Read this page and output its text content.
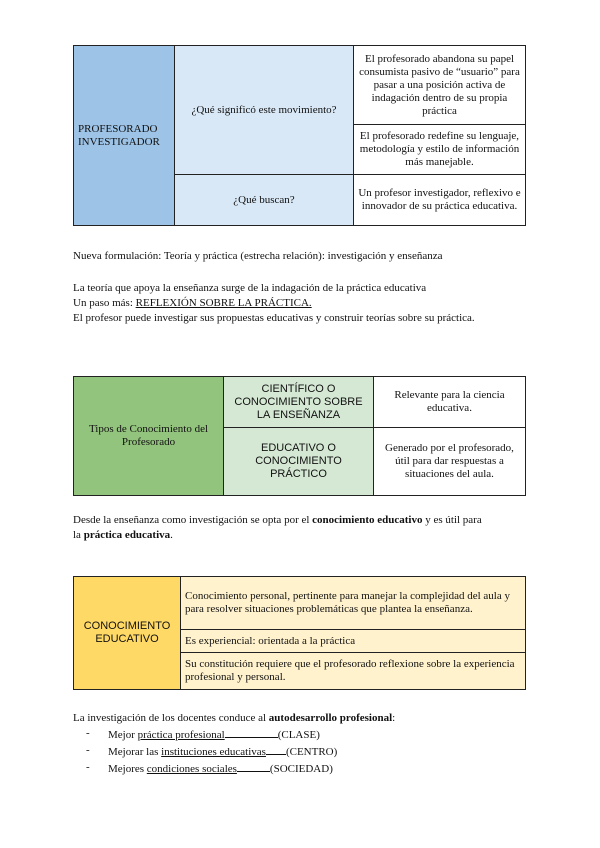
PROFESORADO INVESTIGADOR	¿Qué significó este movimiento?	El profesorado abandona su papel consumista pasivo de “usuario” para pasar a una posición activa de indagación dentro de su propia práctica
		El profesorado redefine su lenguaje, metodología y estilo de información más manejable.
	¿Qué buscan?	Un profesor investigador, reflexivo e innovador de su práctica educativa.
Nueva formulación: Teoría y práctica (estrecha relación): investigación y enseñanza
La teoría que apoya la enseñanza surge de la indagación de la práctica educativa
Un paso más: REFLEXIÓN SOBRE LA PRÁCTICA.
El profesor puede investigar sus propuestas educativas y construir teorías sobre su práctica.
Tipos de Conocimiento del Profesorado	CIENTÍFICO O CONOCIMIENTO SOBRE LA ENSEÑANZA	Relevante para la ciencia educativa.
	EDUCATIVO O CONOCIMIENTO PRÁCTICO	Generado por el profesorado, útil para dar respuestas a situaciones del aula.
Desde la enseñanza como investigación se opta por el conocimiento educativo y es útil para
la práctica educativa.
CONOCIMIENTO EDUCATIVO	Conocimiento personal, pertinente para manejar la complejidad del aula y para resolver situaciones problemáticas que plantea la enseñanza.
Es experiencial: orientada a la práctica
Su constitución requiere que el profesorado reflexione sobre la experiencia profesional y personal.
La investigación de los docentes conduce al autodesarrollo profesional:
- Mejor práctica profesional	(CLASE)
- Mejorar las instituciones educativas (CENTRO)
- Mejores condiciones sociales	(SOCIEDAD)
